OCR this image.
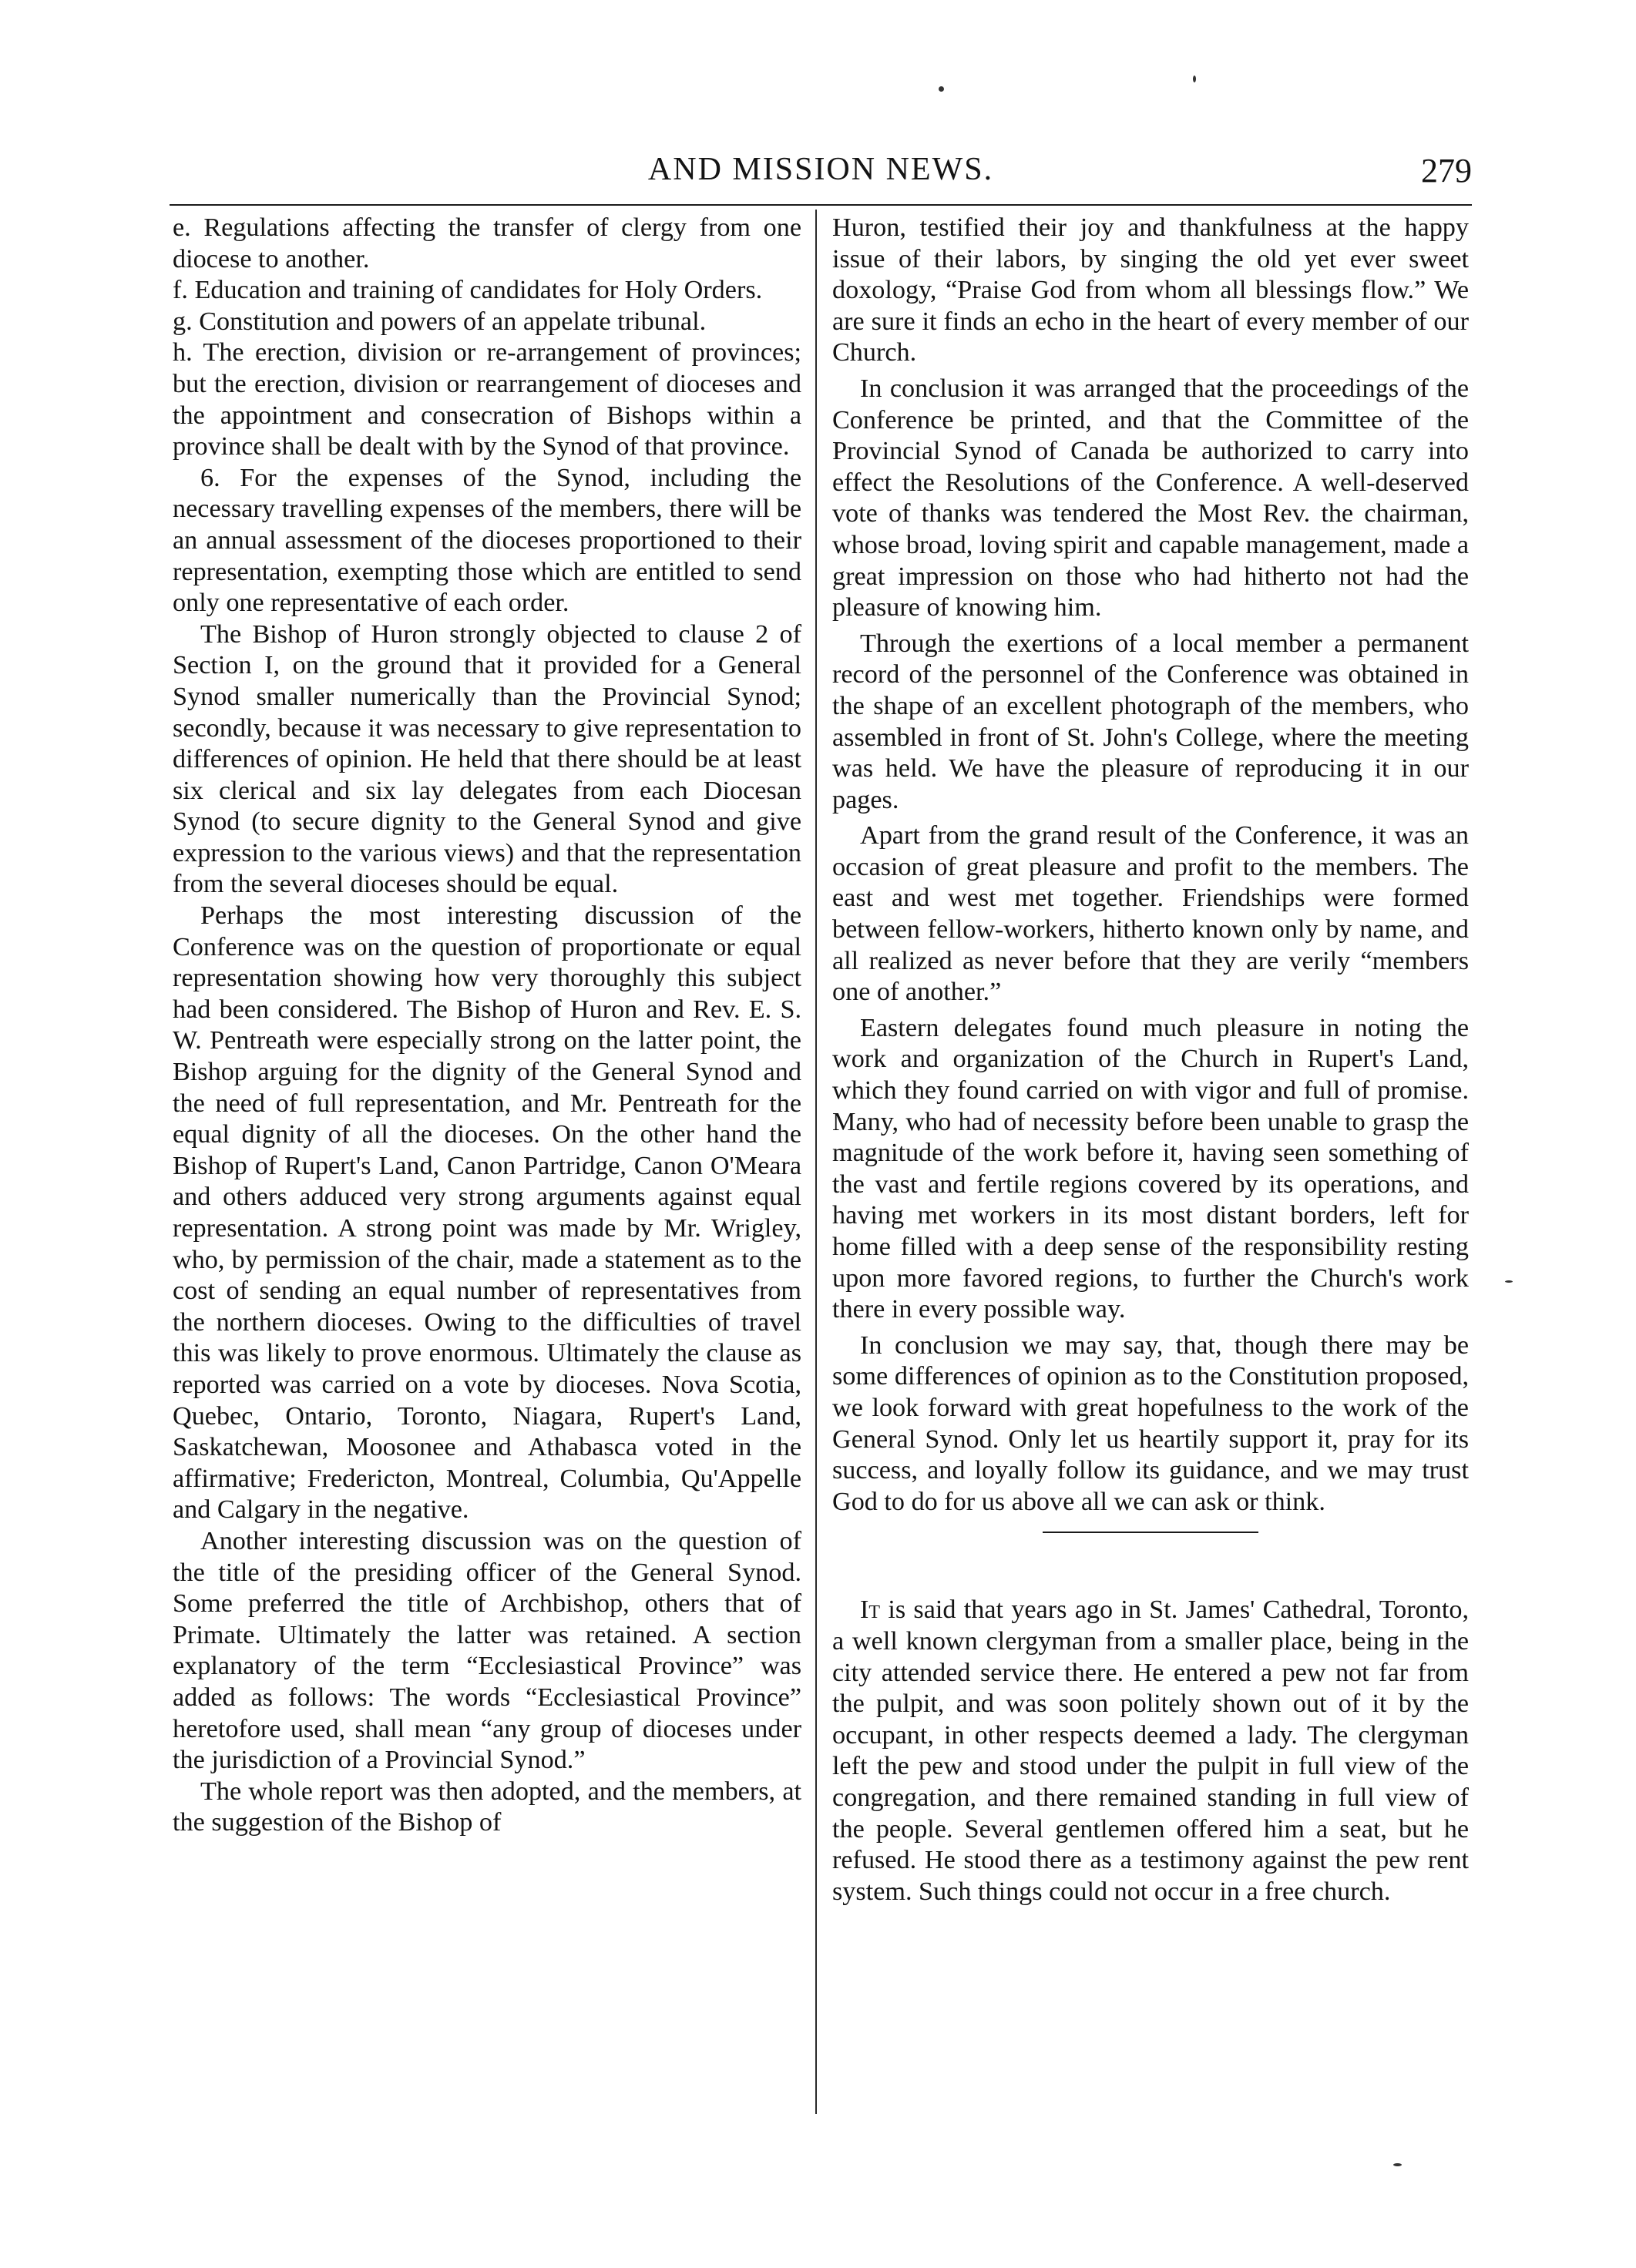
AND MISSION NEWS.	279

e. Regulations affecting the transfer of clergy from one diocese to another.

f. Education and training of candidates for Holy Orders.

g. Constitution and powers of an appelate tribunal.

h. The erection, division or re-arrangement of provinces; but the erection, division or rearrangement of dioceses and the appointment and consecration of Bishops within a province shall be dealt with by the Synod of that province.

6. For the expenses of the Synod, including the necessary travelling expenses of the members, there will be an annual assessment of the dioceses proportioned to their representation, exempting those which are entitled to send only one representative of each order.

The Bishop of Huron strongly objected to clause 2 of Section I, on the ground that it provided for a General Synod smaller numerically than the Provincial Synod; secondly, because it was necessary to give representation to differences of opinion. He held that there should be at least six clerical and six lay delegates from each Diocesan Synod (to secure dignity to the General Synod and give expression to the various views) and that the representation from the several dioceses should be equal.

Perhaps the most interesting discussion of the Conference was on the question of proportionate or equal representation showing how very thoroughly this subject had been considered. The Bishop of Huron and Rev. E. S. W. Pentreath were especially strong on the latter point, the Bishop arguing for the dignity of the General Synod and the need of full representation, and Mr. Pentreath for the equal dignity of all the dioceses. On the other hand the Bishop of Rupert's Land, Canon Partridge, Canon O'Meara and others adduced very strong arguments against equal representation. A strong point was made by Mr. Wrigley, who, by permission of the chair, made a statement as to the cost of sending an equal number of representatives from the northern dioceses. Owing to the difficulties of travel this was likely to prove enormous. Ultimately the clause as reported was carried on a vote by dioceses. Nova Scotia, Quebec, Ontario, Toronto, Niagara, Rupert's Land, Saskatchewan, Moosonee and Athabasca voted in the affirmative; Fredericton, Montreal, Columbia, Qu'Appelle and Calgary in the negative.

Another interesting discussion was on the question of the title of the presiding officer of the General Synod. Some preferred the title of Archbishop, others that of Primate. Ultimately the latter was retained. A section explanatory of the term “Ecclesiastical Province” was added as follows: The words “Ecclesiastical Province” heretofore used, shall mean “any group of dioceses under the jurisdiction of a Provincial Synod.”

The whole report was then adopted, and the members, at the suggestion of the Bishop of

Huron, testified their joy and thankfulness at the happy issue of their labors, by singing the old yet ever sweet doxology, “Praise God from whom all blessings flow.” We are sure it finds an echo in the heart of every member of our Church.

In conclusion it was arranged that the proceedings of the Conference be printed, and that the Committee of the Provincial Synod of Canada be authorized to carry into effect the Resolutions of the Conference. A well-deserved vote of thanks was tendered the Most Rev. the chairman, whose broad, loving spirit and capable management, made a great impression on those who had hitherto not had the pleasure of knowing him.

Through the exertions of a local member a permanent record of the personnel of the Conference was obtained in the shape of an excellent photograph of the members, who assembled in front of St. John's College, where the meeting was held. We have the pleasure of reproducing it in our pages.

Apart from the grand result of the Conference, it was an occasion of great pleasure and profit to the members. The east and west met together. Friendships were formed between fellow-workers, hitherto known only by name, and all realized as never before that they are verily “members one of another.”

Eastern delegates found much pleasure in noting the work and organization of the Church in Rupert's Land, which they found carried on with vigor and full of promise. Many, who had of necessity before been unable to grasp the magnitude of the work before it, having seen something of the vast and fertile regions covered by its operations, and having met workers in its most distant borders, left for home filled with a deep sense of the responsibility resting upon more favored regions, to further the Church's work there in every possible way.

In conclusion we may say, that, though there may be some differences of opinion as to the Constitution proposed, we look forward with great hopefulness to the work of the General Synod. Only let us heartily support it, pray for its success, and loyally follow its guidance, and we may trust God to do for us above all we can ask or think.

It is said that years ago in St. James' Cathedral, Toronto, a well known clergyman from a smaller place, being in the city attended service there. He entered a pew not far from the pulpit, and was soon politely shown out of it by the occupant, in other respects deemed a lady. The clergyman left the pew and stood under the pulpit in full view of the congregation, and there remained standing in full view of the people. Several gentlemen offered him a seat, but he refused. He stood there as a testimony against the pew rent system. Such things could not occur in a free church.
